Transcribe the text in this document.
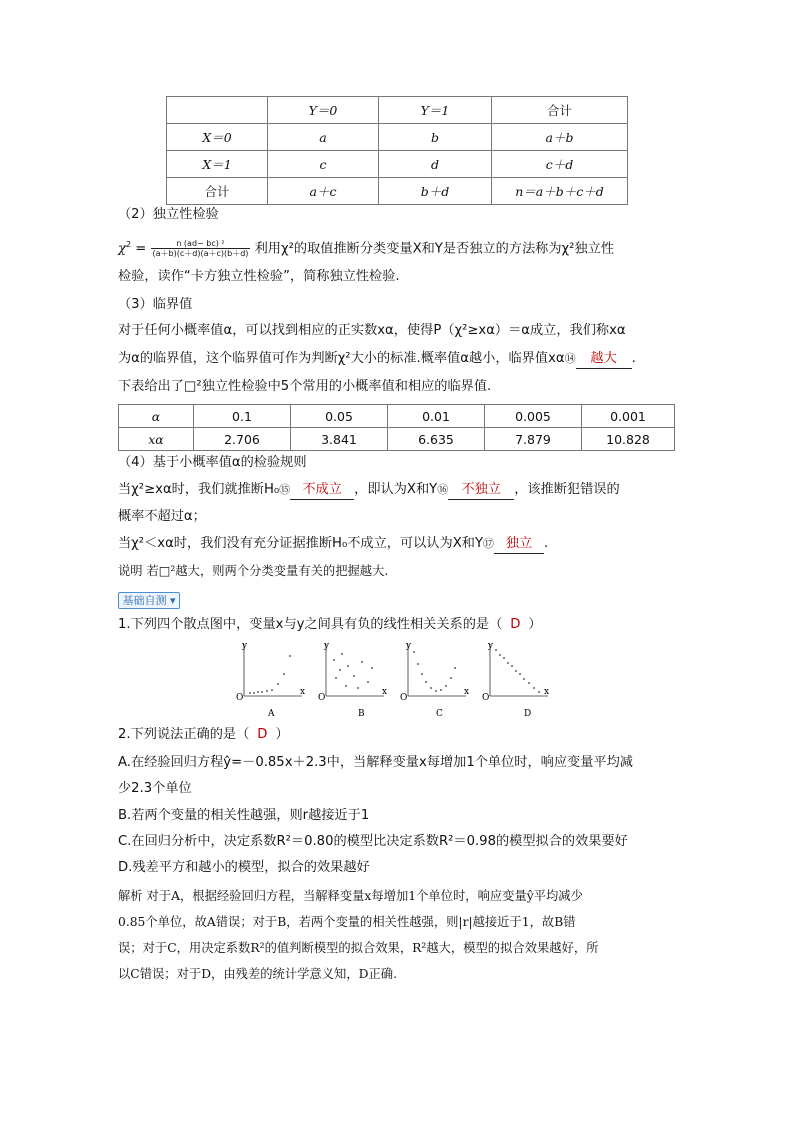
	Y＝0	Y＝1	合计
X＝0	a	b	a＋b
X＝1	c	d	c＋d
合计	a＋c	b＋d	n＝a＋b＋c＋d
（2）独立性检验
$\chi^2 = \frac{\text{n (ad− bc) ²}}{(a+b)(c+d)(a+c)(b+d)}$ 利用χ²的取值推断分类变量X和Y是否独立的方法称为χ²独立性
检验，读作“卡方独立性检验”，简称独立性检验.
（3）临界值
对于任何小概率值α，可以找到相应的正实数xα，使得P（χ²≥xα）＝α成立，我们称xα
为α的临界值，这个临界值可作为判断χ²大小的标准.概率值α越小，临界值xα⑭ 越大 .
下表给出了□²独立性检验中5个常用的小概率值和相应的临界值.
α	0.1	0.05	0.01	0.005	0.001
xα	2.706	3.841	6.635	7.879	10.828
（4）基于小概率值α的检验规则
当χ²≥xα时，我们就推断H₀⑮ 不成立 ，即认为X和Y⑯ 不独立 ，该推断犯错误的
概率不超过α；
当χ²＜xα时，我们没有充分证据推断H₀不成立，可以认为X和Y⑰ 独立 .
说明 若□²越大，则两个分类变量有关的把握越大.
基础自测 ▾
1.下列四个散点图中，变量x与y之间具有负的线性相关关系的是（ D ）
y
x
O
A
y
x
O
B
y
x
O
C
y
x
O
D
2.下列说法正确的是（ D ）
A.在经验回归方程ŷ=－0.85x＋2.3中，当解释变量x每增加1个单位时，响应变量平均减
少2.3个单位
B.若两个变量的相关性越强，则r越接近于1
C.在回归分析中，决定系数R²＝0.80的模型比决定系数R²＝0.98的模型拟合的效果要好
D.残差平方和越小的模型，拟合的效果越好
解析 对于A，根据经验回归方程，当解释变量x每增加1个单位时，响应变量ŷ平均减少
0.85个单位，故A错误；对于B，若两个变量的相关性越强，则|r|越接近于1，故B错
误；对于C，用决定系数R²的值判断模型的拟合效果，R²越大，模型的拟合效果越好，所
以C错误；对于D，由残差的统计学意义知，D正确.
